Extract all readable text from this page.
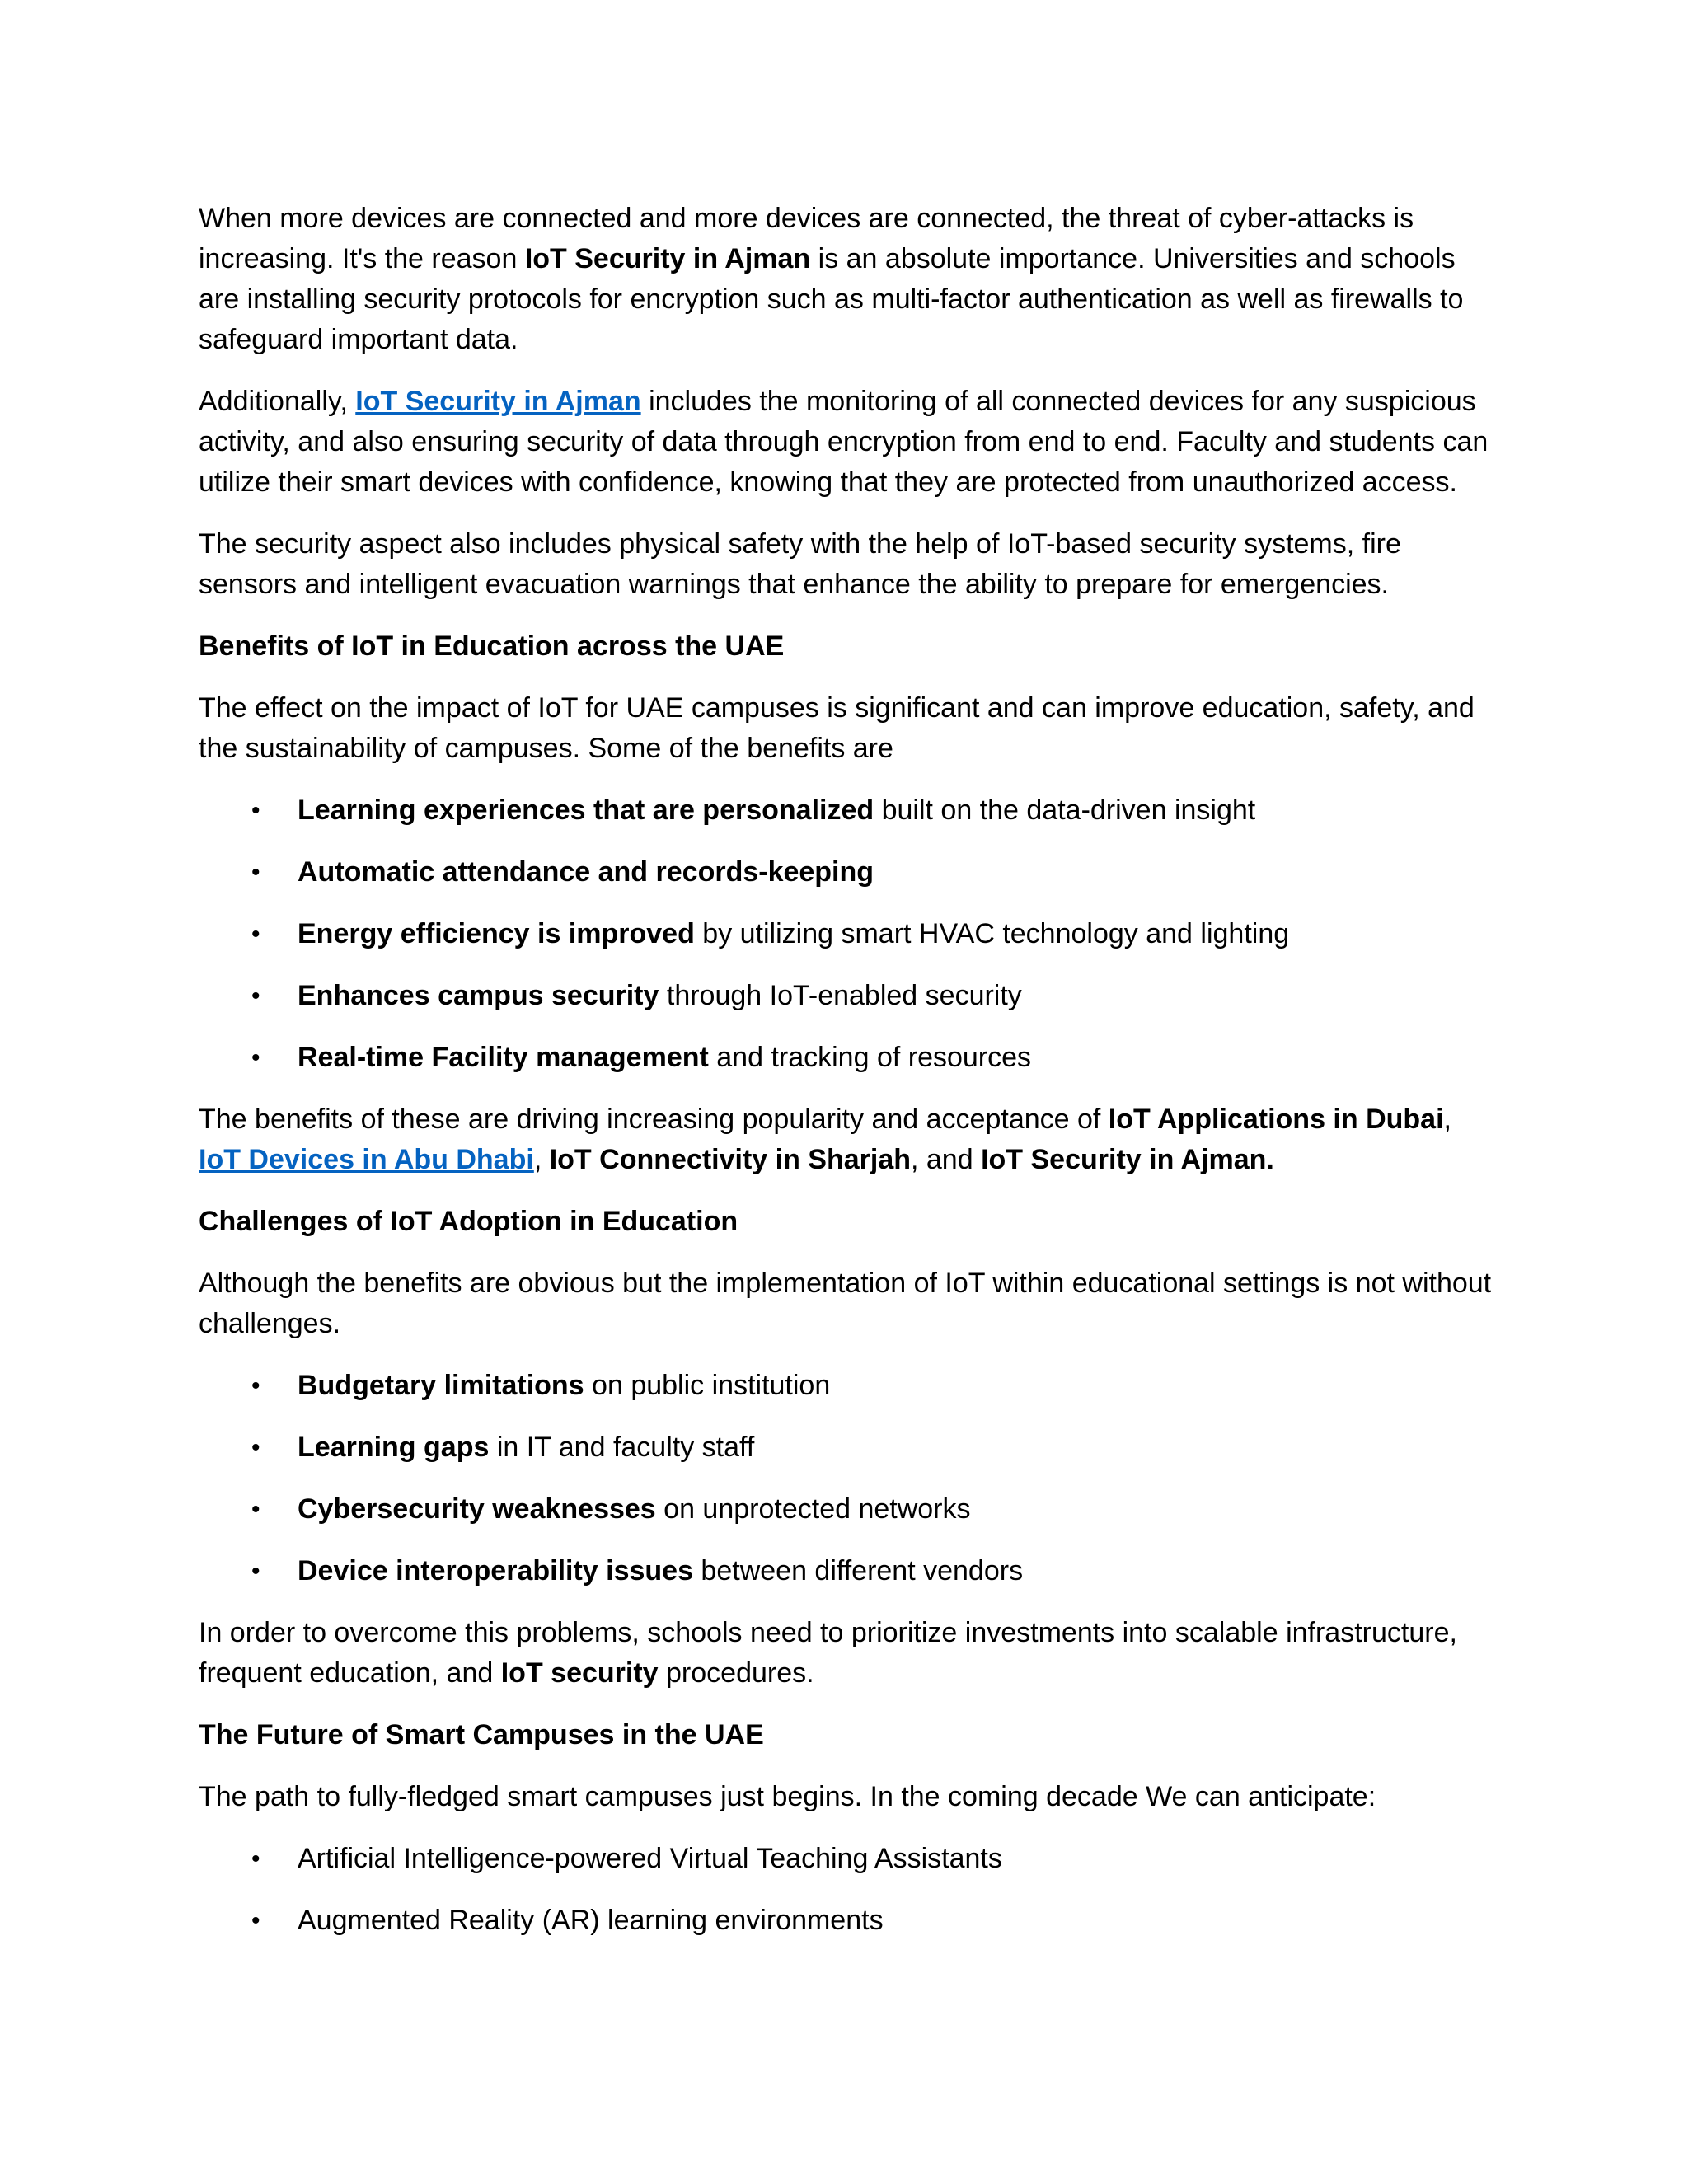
When more devices are connected and more devices are connected, the threat of cyber-attacks is increasing. It's the reason IoT Security in Ajman is an absolute importance. Universities and schools are installing security protocols for encryption such as multi-factor authentication as well as firewalls to safeguard important data.

Additionally, IoT Security in Ajman includes the monitoring of all connected devices for any suspicious activity, and also ensuring security of data through encryption from end to end. Faculty and students can utilize their smart devices with confidence, knowing that they are protected from unauthorized access.

The security aspect also includes physical safety with the help of IoT-based security systems, fire sensors and intelligent evacuation warnings that enhance the ability to prepare for emergencies.

Benefits of IoT in Education across the UAE

The effect on the impact of IoT for UAE campuses is significant and can improve education, safety, and the sustainability of campuses. Some of the benefits are

• Learning experiences that are personalized built on the data-driven insight
• Automatic attendance and records-keeping
• Energy efficiency is improved by utilizing smart HVAC technology and lighting
• Enhances campus security through IoT-enabled security
• Real-time Facility management and tracking of resources

The benefits of these are driving increasing popularity and acceptance of IoT Applications in Dubai, IoT Devices in Abu Dhabi, IoT Connectivity in Sharjah, and IoT Security in Ajman.

Challenges of IoT Adoption in Education

Although the benefits are obvious but the implementation of IoT within educational settings is not without challenges.

• Budgetary limitations on public institution
• Learning gaps in IT and faculty staff
• Cybersecurity weaknesses on unprotected networks
• Device interoperability issues between different vendors

In order to overcome this problems, schools need to prioritize investments into scalable infrastructure, frequent education, and IoT security procedures.

The Future of Smart Campuses in the UAE

The path to fully-fledged smart campuses just begins. In the coming decade We can anticipate:

• Artificial Intelligence-powered Virtual Teaching Assistants
• Augmented Reality (AR) learning environments
